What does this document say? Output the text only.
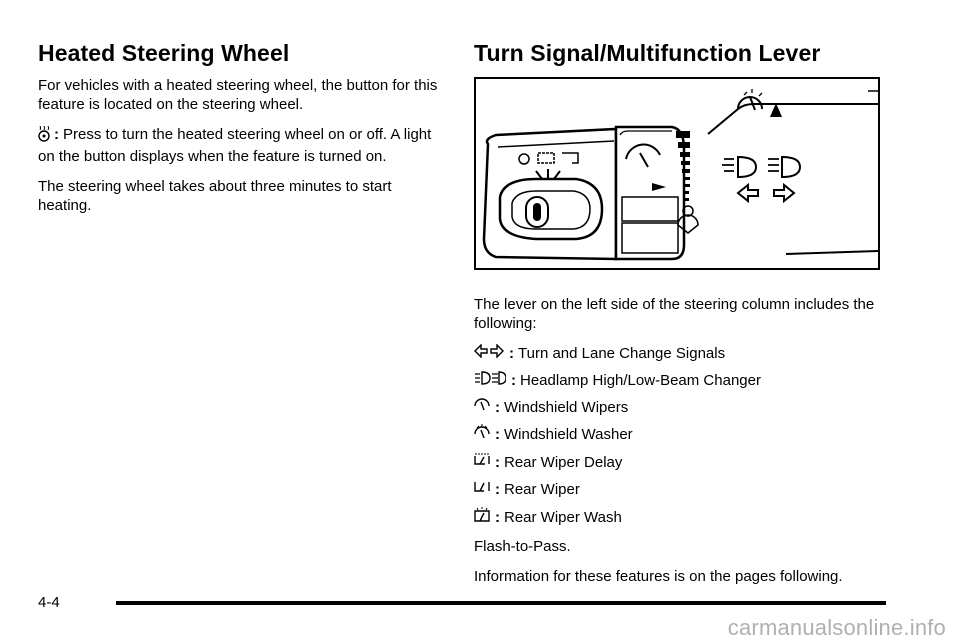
Heated Steering Wheel

For vehicles with a heated steering wheel, the button for this feature is located on the steering wheel.

: Press to turn the heated steering wheel on or off. A light on the button displays when the feature is turned on.

The steering wheel takes about three minutes to start heating.

Turn Signal/Multifunction Lever

The lever on the left side of the steering column includes the following:

: Turn and Lane Change Signals
: Headlamp High/Low-Beam Changer
: Windshield Wipers
: Windshield Washer
: Rear Wiper Delay
: Rear Wiper
: Rear Wiper Wash

Flash-to-Pass.

Information for these features is on the pages following.

4-4
carmanualsonline.info
